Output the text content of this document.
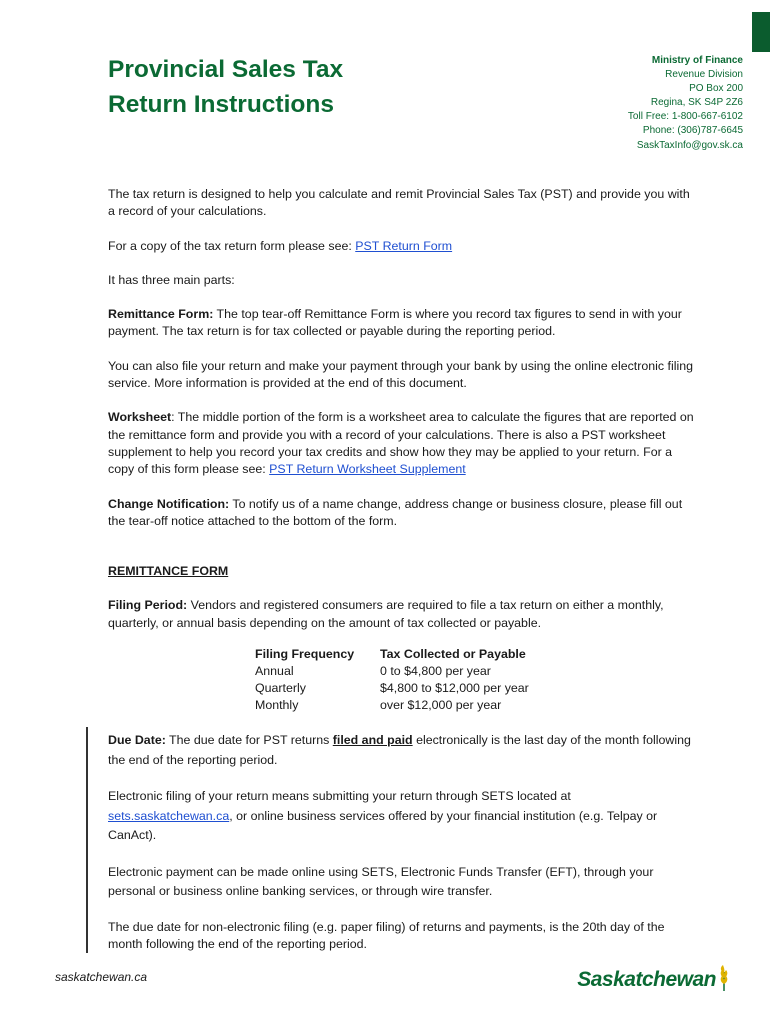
Provincial Sales Tax
Return Instructions
Ministry of Finance
Revenue Division
PO Box 200
Regina, SK S4P 2Z6
Toll Free: 1-800-667-6102
Phone: (306)787-6645
SaskTaxInfo@gov.sk.ca

The tax return is designed to help you calculate and remit Provincial Sales Tax (PST) and provide you with a record of your calculations.

For a copy of the tax return form please see: PST Return Form

It has three main parts:

Remittance Form: The top tear-off Remittance Form is where you record tax figures to send in with your payment. The tax return is for tax collected or payable during the reporting period.

You can also file your return and make your payment through your bank by using the online electronic filing service. More information is provided at the end of this document.

Worksheet: The middle portion of the form is a worksheet area to calculate the figures that are reported on the remittance form and provide you with a record of your calculations. There is also a PST worksheet supplement to help you record your tax credits and show how they may be applied to your return. For a copy of this form please see: PST Return Worksheet Supplement

Change Notification: To notify us of a name change, address change or business closure, please fill out the tear-off notice attached to the bottom of the form.

REMITTANCE FORM

Filing Period: Vendors and registered consumers are required to file a tax return on either a monthly, quarterly, or annual basis depending on the amount of tax collected or payable.

Filing Frequency	Tax Collected or Payable
Annual	0 to $4,800 per year
Quarterly	$4,800 to $12,000 per year
Monthly	over $12,000 per year

Due Date: The due date for PST returns filed and paid electronically is the last day of the month following the end of the reporting period.

Electronic filing of your return means submitting your return through SETS located at sets.saskatchewan.ca, or online business services offered by your financial institution (e.g. Telpay or CanAct).

Electronic payment can be made online using SETS, Electronic Funds Transfer (EFT), through your personal or business online banking services, or through wire transfer.

The due date for non-electronic filing (e.g. paper filing) of returns and payments, is the 20th day of the month following the end of the reporting period.

saskatchewan.ca	Saskatchewan
